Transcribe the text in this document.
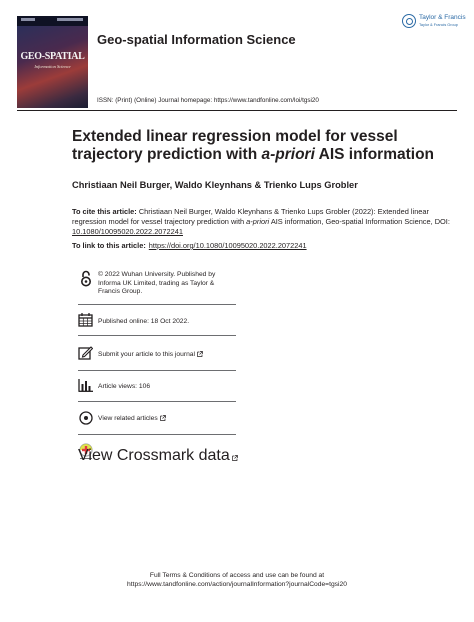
GEO-SPATIAL
Information Science
Geo-spatial Information Science
Taylor & Francis
Taylor & Francis Group
ISSN: (Print) (Online) Journal homepage: https://www.tandfonline.com/loi/tgsi20
Extended linear regression model for vessel
trajectory prediction with a-priori AIS information
Christiaan Neil Burger, Waldo Kleynhans & Trienko Lups Grobler
To cite this article: Christiaan Neil Burger, Waldo Kleynhans & Trienko Lups Grobler (2022): Extended linear regression model for vessel trajectory prediction with a-priori AIS information, Geo-spatial Information Science, DOI: 10.1080/10095020.2022.2072241
To link to this article: https://doi.org/10.1080/10095020.2022.2072241
© 2022 Wuhan University. Published by Informa UK Limited, trading as Taylor & Francis Group.
Published online: 18 Oct 2022.
Submit your article to this journal
Article views: 106
View related articles
View Crossmark data
Full Terms & Conditions of access and use can be found at
https://www.tandfonline.com/action/journalInformation?journalCode=tgsi20
